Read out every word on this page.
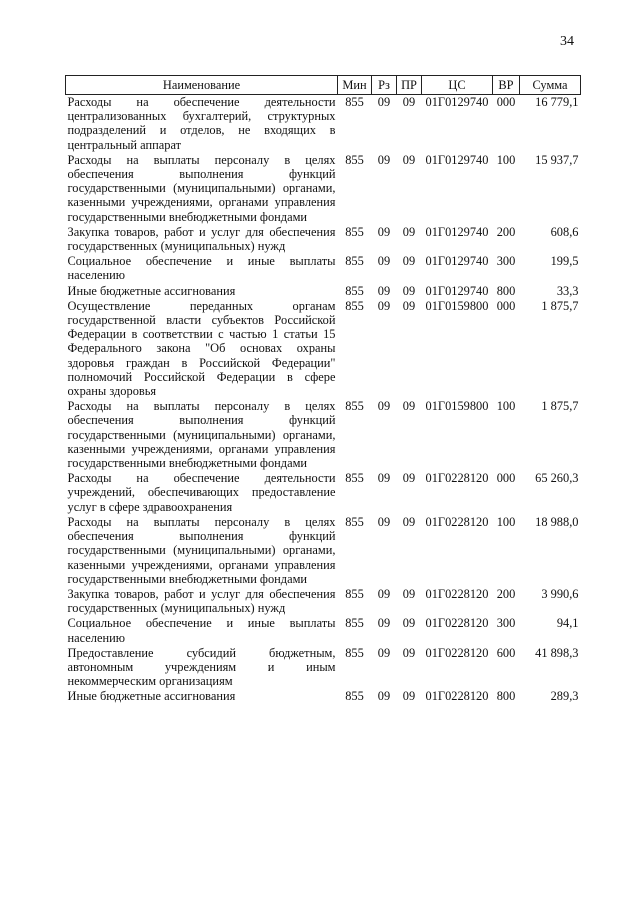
34
Наименование	Мин	Рз	ПР	ЦС	ВР	Сумма
Расходы на обеспечение деятельности централизованных бухгалтерий, структурных подразделений и отделов, не входящих в центральный аппарат	855	09	09	01Г0129740	000	16 779,1
Расходы на выплаты персоналу в целях обеспечения выполнения функций государственными (муниципальными) органами, казенными учреждениями, органами управления государственными внебюджетными фондами	855	09	09	01Г0129740	100	15 937,7
Закупка товаров, работ и услуг для обеспечения государственных (муниципальных) нужд	855	09	09	01Г0129740	200	608,6
Социальное обеспечение и иные выплаты населению	855	09	09	01Г0129740	300	199,5
Иные бюджетные ассигнования	855	09	09	01Г0129740	800	33,3
Осуществление переданных органам государственной власти субъектов Российской Федерации в соответствии с частью 1 статьи 15 Федерального закона "Об основах охраны здоровья граждан в Российской Федерации" полномочий Российской Федерации в сфере охраны здоровья	855	09	09	01Г0159800	000	1 875,7
Расходы на выплаты персоналу в целях обеспечения выполнения функций государственными (муниципальными) органами, казенными учреждениями, органами управления государственными внебюджетными фондами	855	09	09	01Г0159800	100	1 875,7
Расходы на обеспечение деятельности учреждений, обеспечивающих предоставление услуг в сфере здравоохранения	855	09	09	01Г0228120	000	65 260,3
Расходы на выплаты персоналу в целях обеспечения выполнения функций государственными (муниципальными) органами, казенными учреждениями, органами управления государственными внебюджетными фондами	855	09	09	01Г0228120	100	18 988,0
Закупка товаров, работ и услуг для обеспечения государственных (муниципальных) нужд	855	09	09	01Г0228120	200	3 990,6
Социальное обеспечение и иные выплаты населению	855	09	09	01Г0228120	300	94,1
Предоставление субсидий бюджетным, автономным учреждениям и иным некоммерческим организациям	855	09	09	01Г0228120	600	41 898,3
Иные бюджетные ассигнования	855	09	09	01Г0228120	800	289,3
